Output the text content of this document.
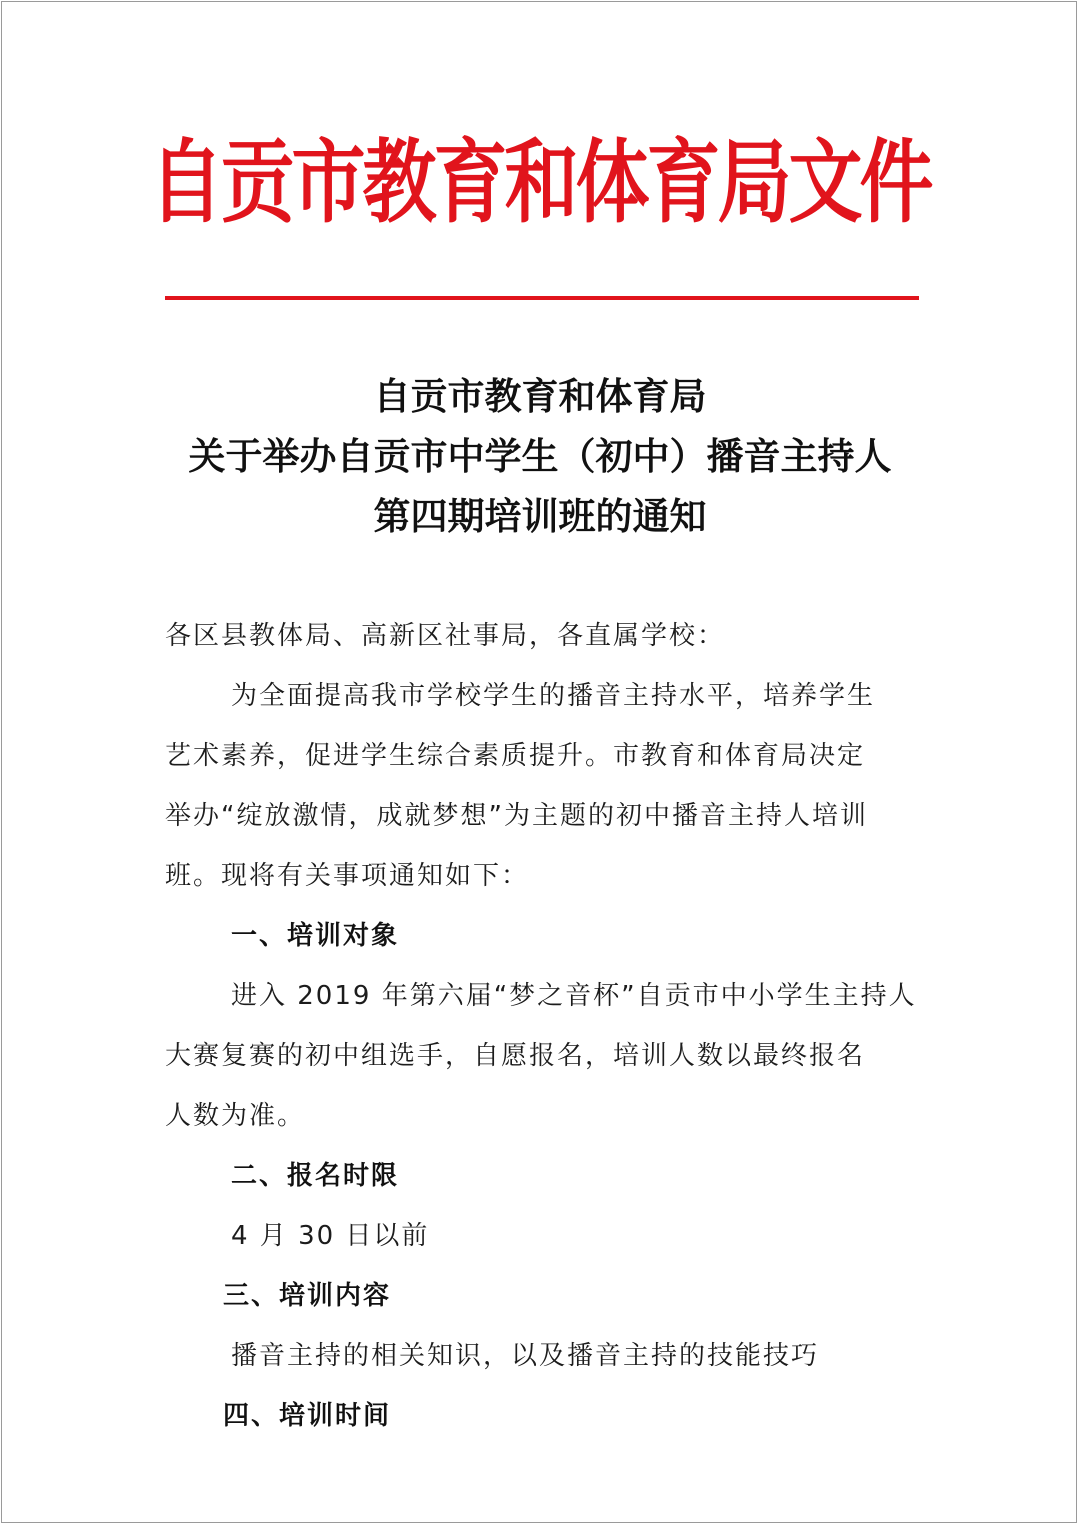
自贡市教育和体育局文件
自贡市教育和体育局
关于举办自贡市中学生（初中）播音主持人
第四期培训班的通知

各区县教体局、高新区社事局，各直属学校：

为全面提高我市学校学生的播音主持水平，培养学生

艺术素养，促进学生综合素质提升。市教育和体育局决定

举办“绽放激情，成就梦想”为主题的初中播音主持人培训

班。现将有关事项通知如下：

一、培训对象

进入 2019 年第六届“梦之音杯”自贡市中小学生主持人

大赛复赛的初中组选手，自愿报名，培训人数以最终报名

人数为准。

二、报名时限

4 月 30 日以前

三、培训内容

播音主持的相关知识，以及播音主持的技能技巧

四、培训时间
